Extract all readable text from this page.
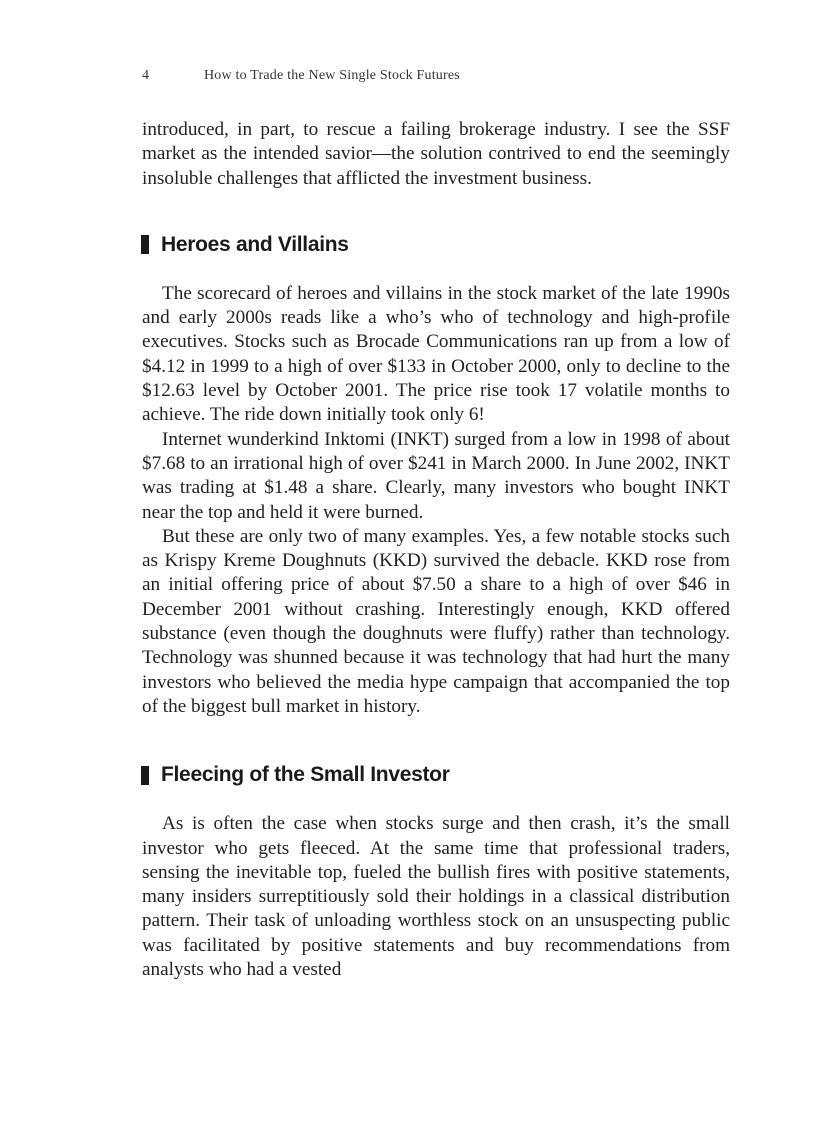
4	How to Trade the New Single Stock Futures

introduced, in part, to rescue a failing brokerage industry. I see the SSF market as the intended savior—the solution contrived to end the seemingly insoluble challenges that afflicted the investment business.

Heroes and Villains

The scorecard of heroes and villains in the stock market of the late 1990s and early 2000s reads like a who’s who of technology and high-profile executives. Stocks such as Brocade Communications ran up from a low of $4.12 in 1999 to a high of over $133 in October 2000, only to decline to the $12.63 level by October 2001. The price rise took 17 volatile months to achieve. The ride down initially took only 6!

Internet wunderkind Inktomi (INKT) surged from a low in 1998 of about $7.68 to an irrational high of over $241 in March 2000. In June 2002, INKT was trading at $1.48 a share. Clearly, many investors who bought INKT near the top and held it were burned.

But these are only two of many examples. Yes, a few notable stocks such as Krispy Kreme Doughnuts (KKD) survived the debacle. KKD rose from an initial offering price of about $7.50 a share to a high of over $46 in December 2001 without crashing. Interestingly enough, KKD offered substance (even though the doughnuts were fluffy) rather than technology. Technology was shunned because it was technology that had hurt the many investors who believed the media hype campaign that accompanied the top of the biggest bull market in history.

Fleecing of the Small Investor

As is often the case when stocks surge and then crash, it’s the small investor who gets fleeced. At the same time that professional traders, sensing the inevitable top, fueled the bullish fires with positive statements, many insiders surreptitiously sold their holdings in a classical distribution pattern. Their task of unloading worthless stock on an unsuspecting public was facilitated by positive statements and buy recommendations from analysts who had a vested
